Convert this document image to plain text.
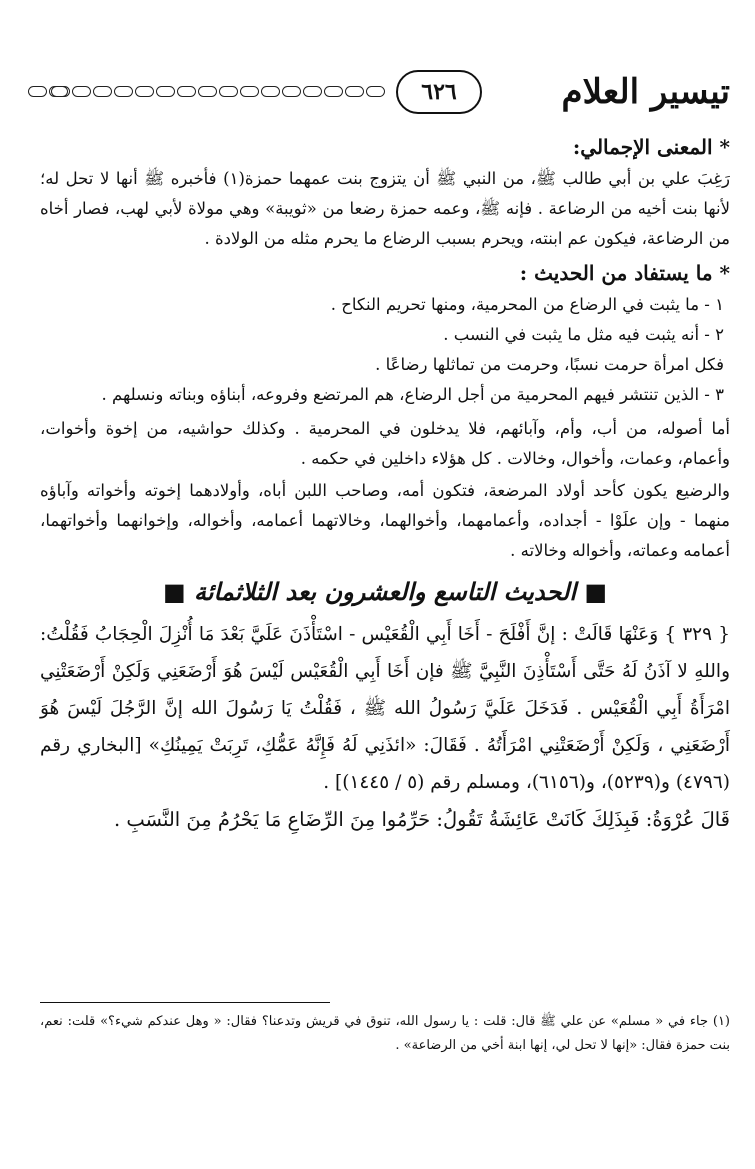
تيسير العلام
٦٢٦

* المعنى الإجمالي:

رَغِبَ علي بن أبي طالب ﷺ، من النبي ﷺ أن يتزوج بنت عمهما حمزة(١) فأخبره ﷺ أنها لا تحل له؛ لأنها بنت أخيه من الرضاعة . فإنه ﷺ، وعمه حمزة رضعا من «ثويبة» وهي مولاة لأبي لهب، فصار أخاه من الرضاعة، فيكون عم ابنته، ويحرم بسبب الرضاع ما يحرم مثله من الولادة .

* ما يستفاد من الحديث :

١ - ما يثبت في الرضاع من المحرمية، ومنها تحريم النكاح .

٢ - أنه يثبت فيه مثل ما يثبت في النسب .

فكل امرأة حرمت نسبًا، وحرمت من تماثلها رضاعًا .

٣ - الذين تنتشر فيهم المحرمية من أجل الرضاع، هم المرتضع وفروعه، أبناؤه وبناته ونسلهم .

أما أصوله، من أب، وأم، وآبائهم، فلا يدخلون في المحرمية . وكذلك حواشيه، من إخوة وأخوات، وأعمام، وعمات، وأخوال، وخالات . كل هؤلاء داخلين في حكمه .

والرضيع يكون كأحد أولاد المرضعة، فتكون أمه، وصاحب اللبن أباه، وأولادهما إخوته وأخواته وآباؤه منهما - وإن علَوْا - أجداده، وأعمامهما، وأخوالهما، وخالاتهما أعمامه، وأخواله، وإخوانهما وأخواتهما، أعمامه وعماته، وأخواله وخالاته .

■ الحديث التاسع والعشرون بعد الثلاثمائة ■

{ ٣٢٩ } وَعَنْهَا قَالَتْ : إنَّ أَفْلَحَ - أَخَا أَبِي الْقُعَيْس - اسْتَأْذَنَ عَلَيَّ بَعْدَ مَا أُنْزِلَ الْحِجَابُ فَقُلْتُ: واللهِ لا آذَنُ لَهُ حَتَّى أَسْتَأْذِنَ النَّبِيَّ ﷺ فإن أَخَا أَبِي الْقُعَيْس لَيْسَ هُوَ أَرْضَعَنِي وَلَكِنْ أَرْضَعَتْنِي امْرَأَةُ أَبِي الْقُعَيْس . فَدَخَلَ عَلَيَّ رَسُولُ الله ﷺ ، فَقُلْتُ يَا رَسُولَ الله إنَّ الرَّجُلَ لَيْسَ هُوَ أَرْضَعَنِي ، وَلَكِنْ أَرْضَعَتْنِي امْرَأَتُهُ . فَقَالَ: «ائذَنِي لَهُ فَإِنَّهُ عَمُّكِ، تَرِبَتْ يَمِينُكِ» [البخاري رقم (٤٧٩٦) و(٥٢٣٩)، و(٦١٥٦)، ومسلم رقم (٥ / ١٤٤٥)] .

قَالَ عُرْوَةُ: فَبِذَلِكَ كَانَتْ عَائِشَةُ تَقُولُ: حَرِّمُوا مِنَ الرِّضَاعِ مَا يَحْرُمُ مِنَ النَّسَبِ .

(١) جاء في « مسلم» عن علي ﷺ قال: قلت : يا رسول الله، تنوق في قريش وتدعنا؟ فقال: « وهل عندكم شيء؟» قلت: نعم، بنت حمزة فقال: «إنها لا تحل لي، إنها ابنة أخي من الرضاعة» .
